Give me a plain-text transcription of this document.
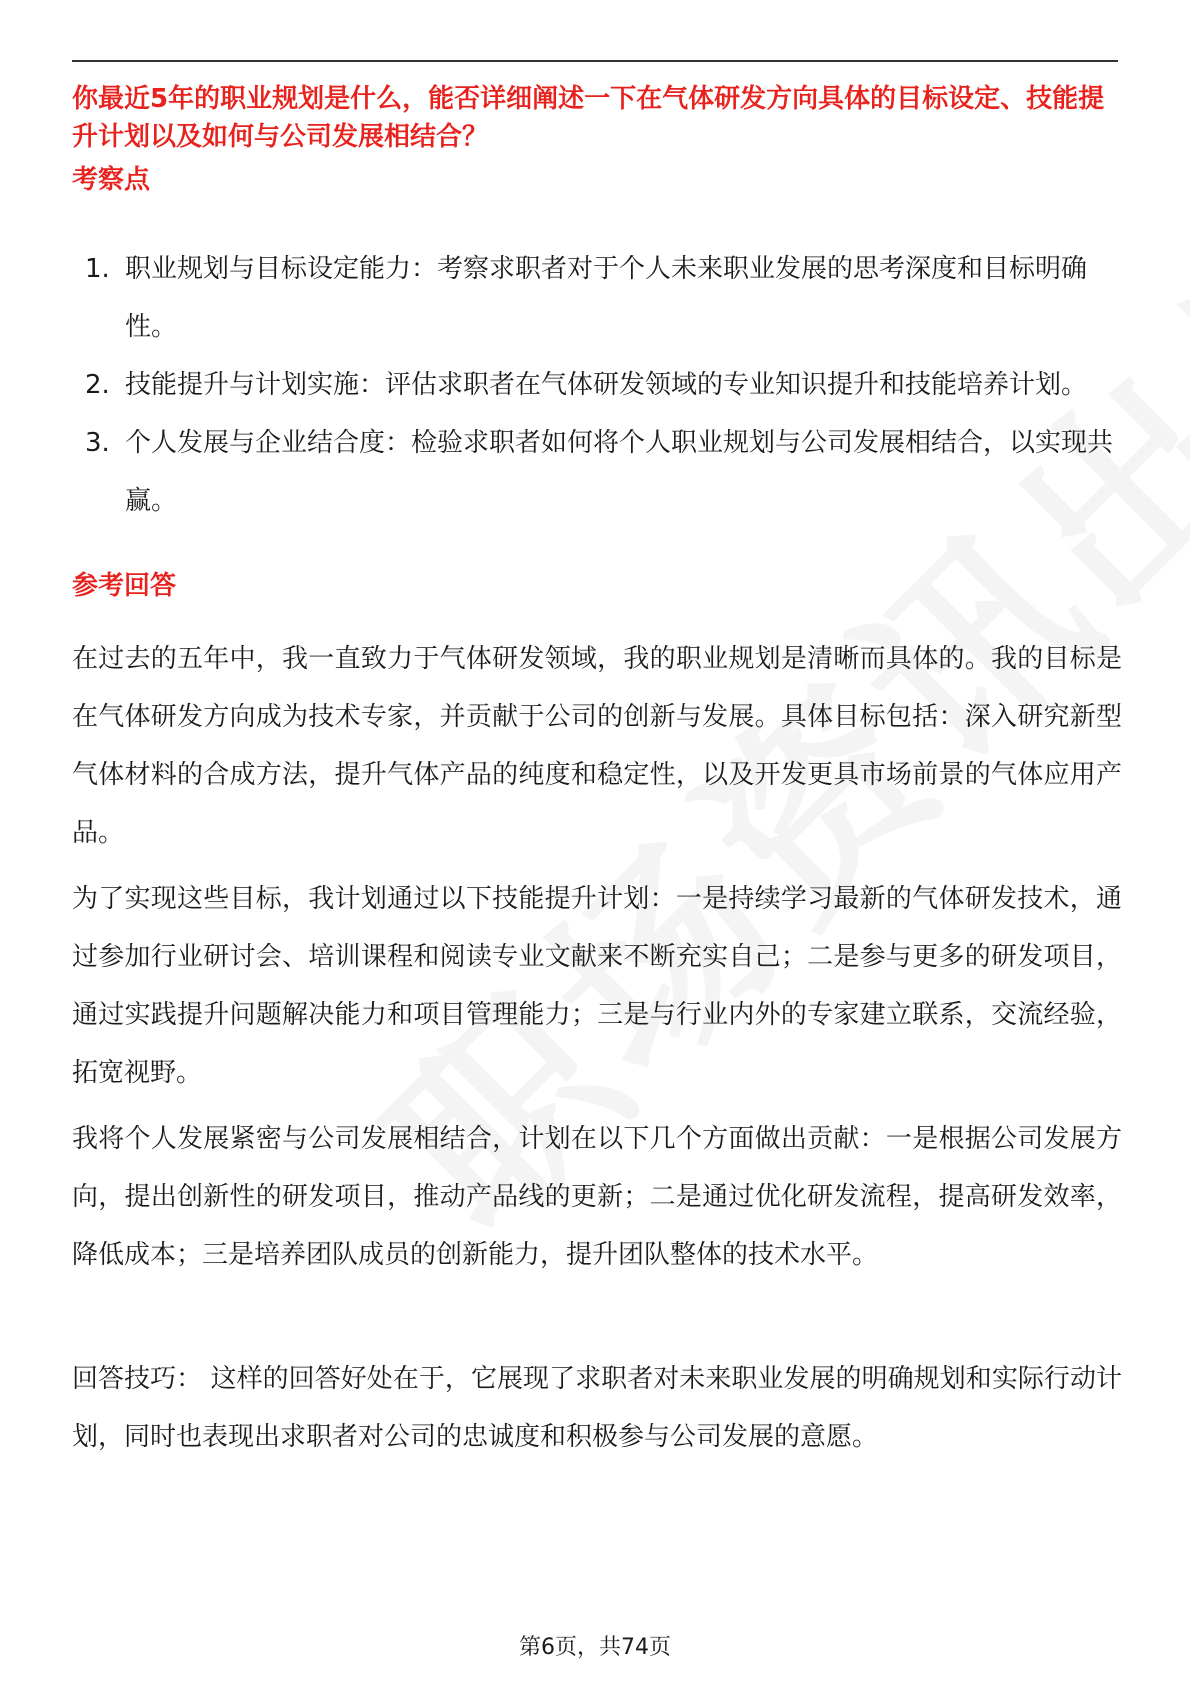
你最近5年的职业规划是什么，能否详细阐述一下在气体研发方向具体的目标设定、技能提升计划以及如何与公司发展相结合？
考察点
1. 职业规划与目标设定能力：考察求职者对于个人未来职业发展的思考深度和目标明确性。
2. 技能提升与计划实施：评估求职者在气体研发领域的专业知识提升和技能培养计划。
3. 个人发展与企业结合度：检验求职者如何将个人职业规划与公司发展相结合，以实现共赢。
参考回答

在过去的五年中，我一直致力于气体研发领域，我的职业规划是清晰而具体的。我的目标是在气体研发方向成为技术专家，并贡献于公司的创新与发展。具体目标包括：深入研究新型气体材料的合成方法，提升气体产品的纯度和稳定性，以及开发更具市场前景的气体应用产品。

为了实现这些目标，我计划通过以下技能提升计划：一是持续学习最新的气体研发技术，通过参加行业研讨会、培训课程和阅读专业文献来不断充实自己；二是参与更多的研发项目，通过实践提升问题解决能力和项目管理能力；三是与行业内外的专家建立联系，交流经验，拓宽视野。

我将个人发展紧密与公司发展相结合，计划在以下几个方面做出贡献：一是根据公司发展方向，提出创新性的研发项目，推动产品线的更新；二是通过优化研发流程，提高研发效率，降低成本；三是培养团队成员的创新能力，提升团队整体的技术水平。

回答技巧： 这样的回答好处在于，它展现了求职者对未来职业发展的明确规划和实际行动计划，同时也表现出求职者对公司的忠诚度和积极参与公司发展的意愿。

第6页，共74页
